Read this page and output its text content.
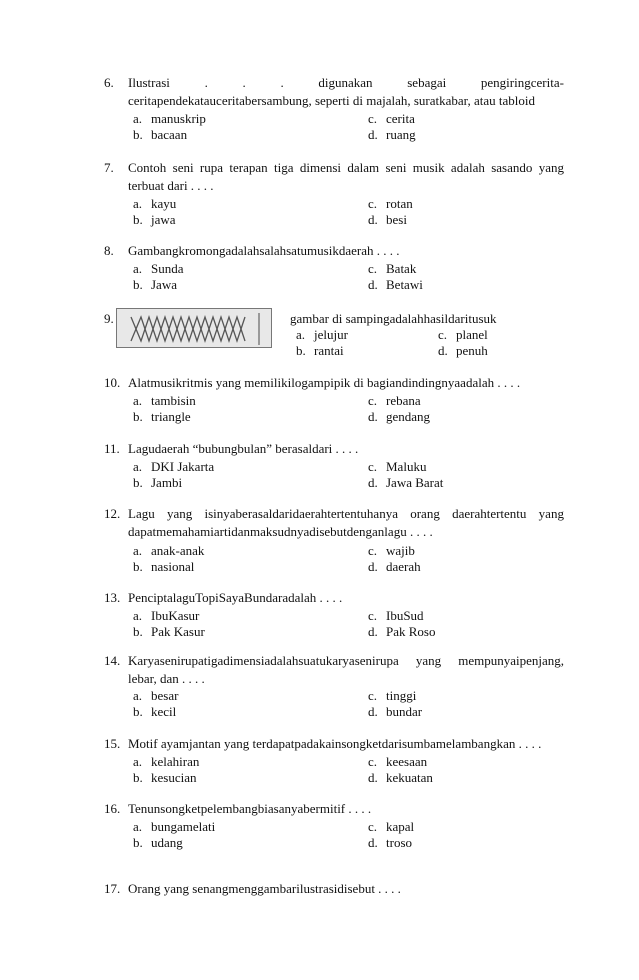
6. Ilustrasi	.	.	.	digunakan	sebagai	pengiringcerita-
ceritapendekatauceritabersambung, seperti di majalah, suratkabar, atau tabloid
a. manuskrip
b. bacaan
c. cerita
d. ruang
7. Contoh seni rupa terapan tiga dimensi dalam seni musik adalah sasando yang terbuat dari . . . .
a. kayu
b. jawa
c. rotan
d. besi
8. Gambangkromongadalahsalahsatumusikdaerah . . . .
a. Sunda
b. Jawa
c. Batak
d. Betawi
9.	gambar di sampingadalahhasildaritusuk
a. jelujur
b. rantai
c. planel
d. penuh
10. Alatmusikritmis yang memilikilogampipik di bagiandindingnyaadalah . . . .
a. tambisin
b. triangle
c. rebana
d. gendang
11. Lagudaerah “bubungbulan” berasaldari . . . .
a. DKI Jakarta
b. Jambi
c. Maluku
d. Jawa Barat
12. Lagu yang isinyaberasaldaridaerahtertentuhanya orang daerahtertentu yang
dapatmemahamiartidanmaksudnyadisebutdenganlagu . . . .
a. anak-anak
b. nasional
c. wajib
d. daerah
13. PenciptalaguTopiSayaBundaradalah . . . .
a. IbuKasur
b. Pak Kasur
c. IbuSud
d. Pak Roso
14. Karyasenirupatigadimensiadalahsuatukaryasenirupa yang mempunyaipenjang,
lebar, dan . . . .
a. besar
b. kecil
c. tinggi
d. bundar
15. Motif ayamjantan yang terdapatpadakainsongketdarisumbamelambangkan . . . .
a. kelahiran
b. kesucian
c. keesaan
d. kekuatan
16. Tenunsongketpelembangbiasanyabermitif . . . .
a. bungamelati
b. udang
c. kapal
d. troso
17. Orang yang senangmenggambarilustrasidisebut . . . .
